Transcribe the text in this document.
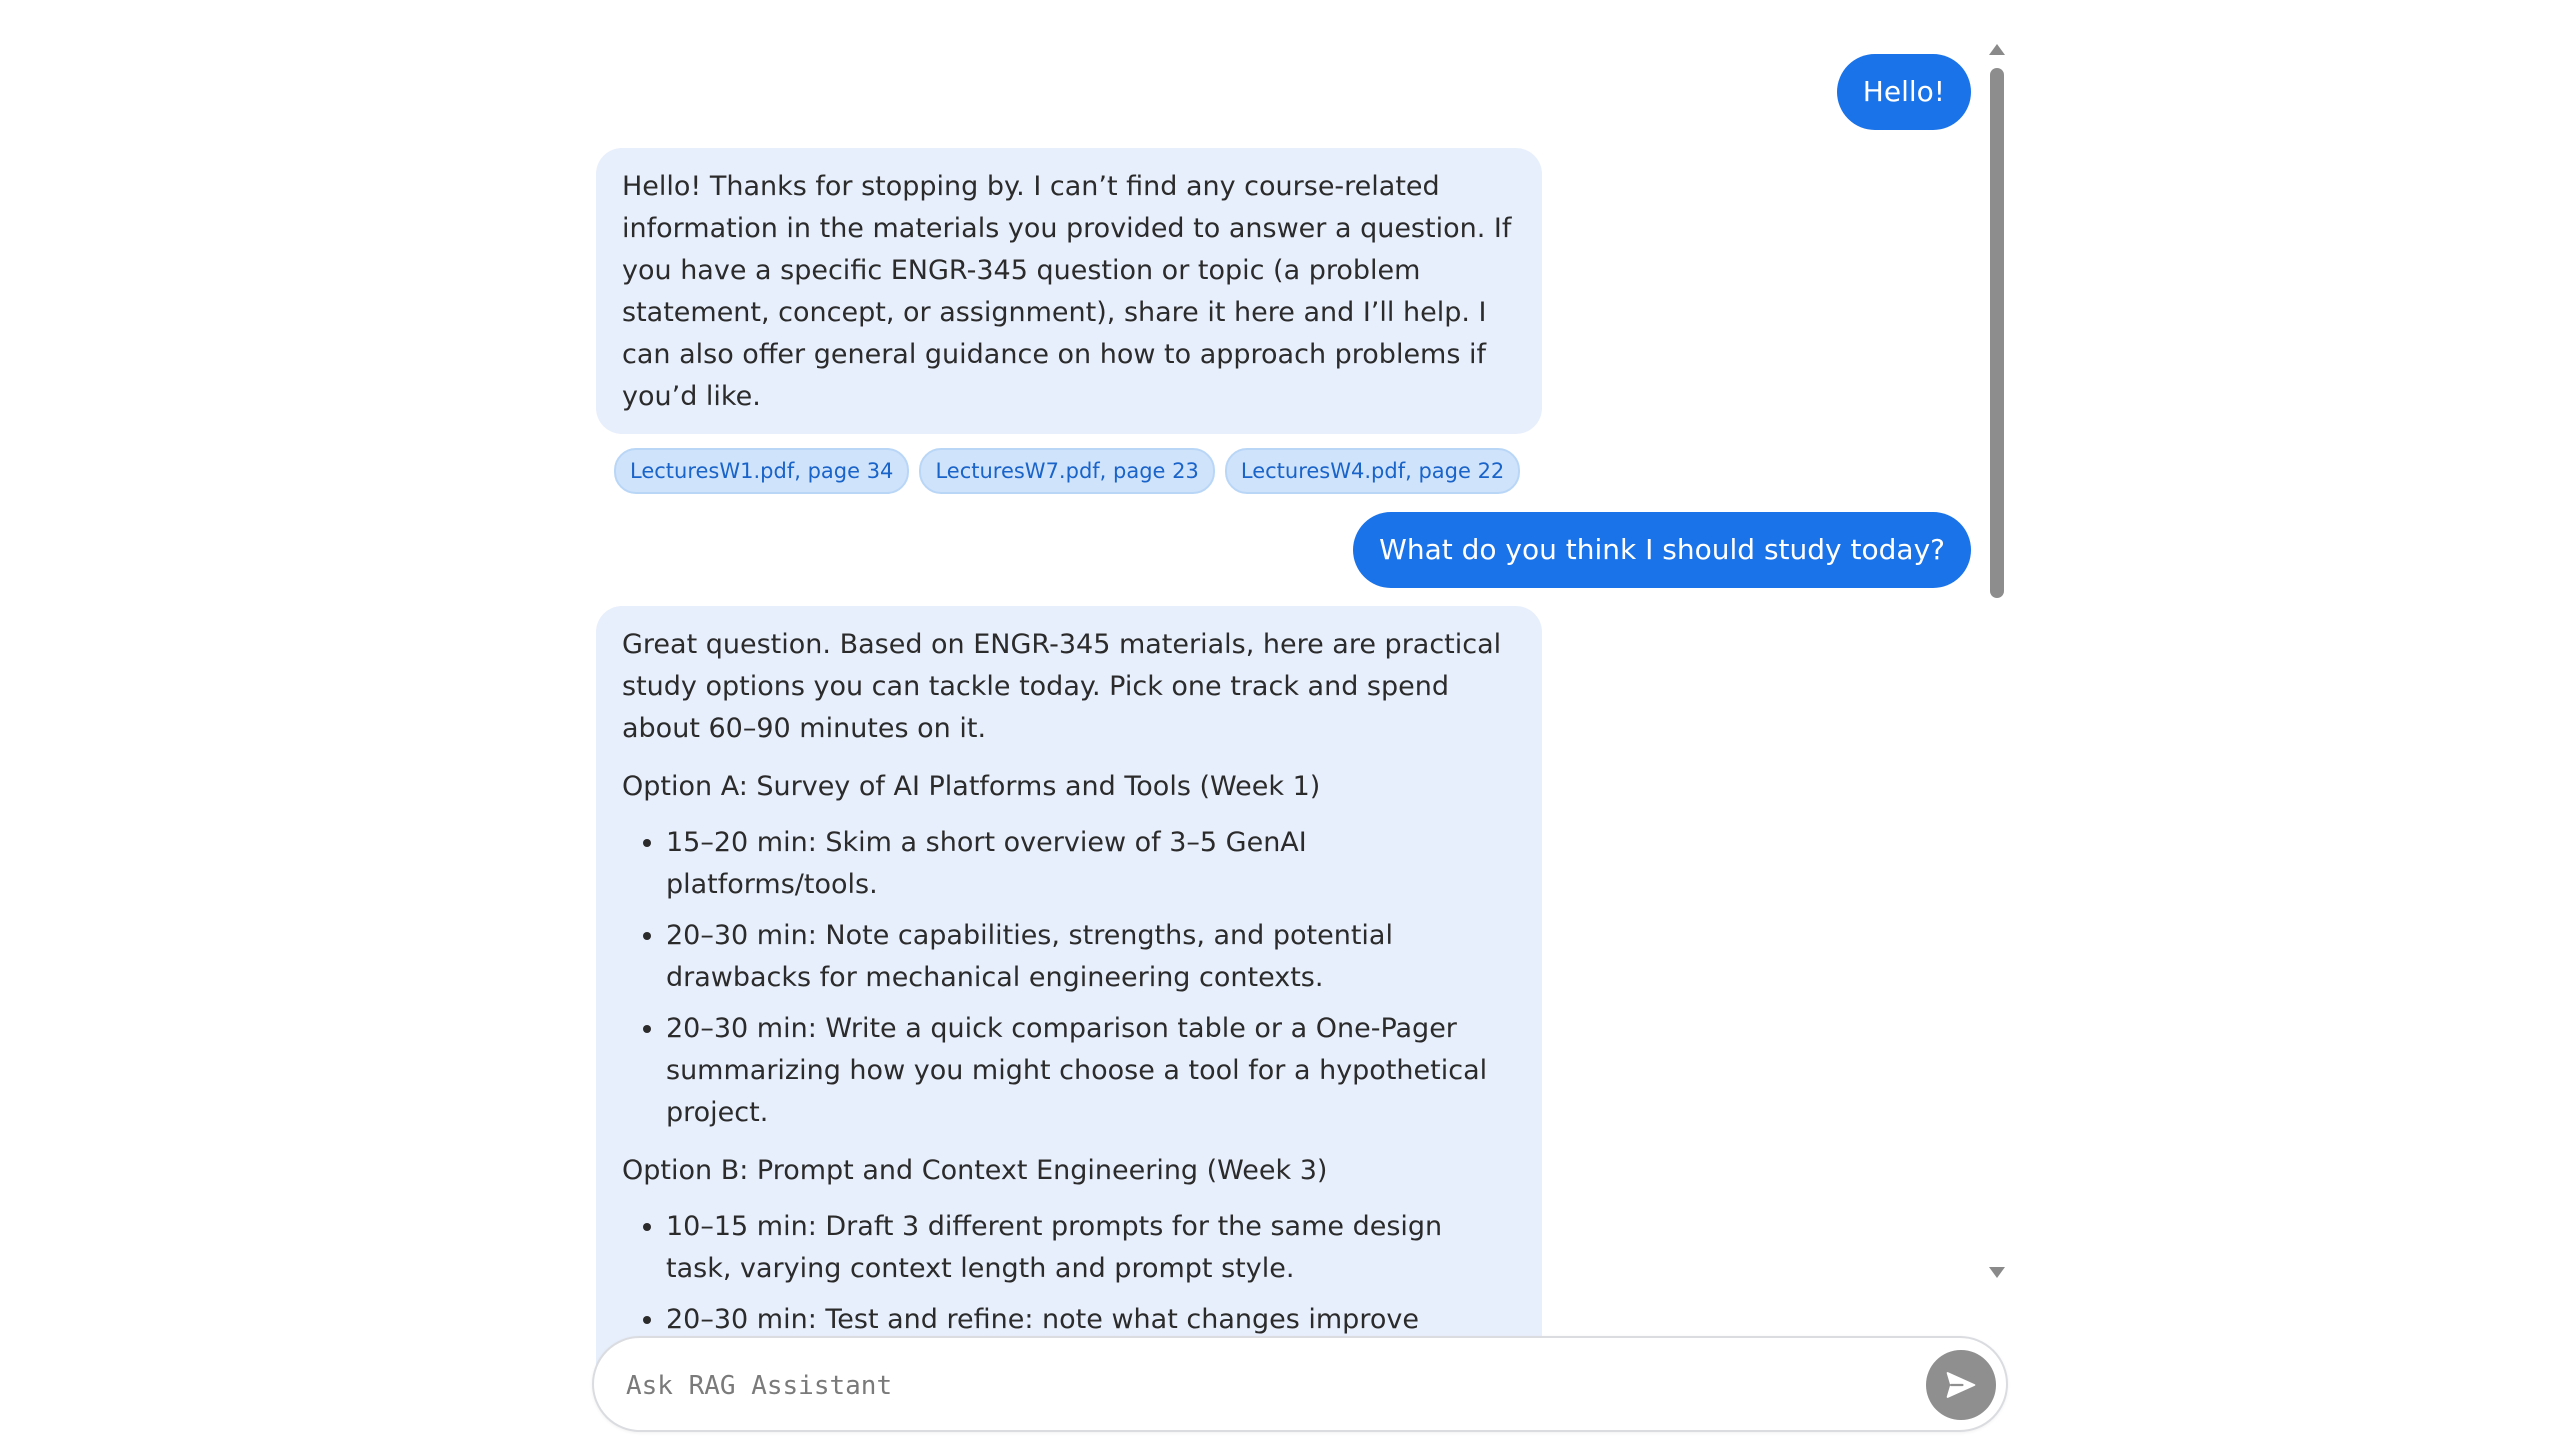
Hello!

Hello! Thanks for stopping by. I can’t find any course-related information in the materials you provided to answer a question. If you have a specific ENGR-345 question or topic (a problem statement, concept, or assignment), share it here and I’ll help. I can also offer general guidance on how to approach problems if you’d like.

LecturesW1.pdf, page 34	LecturesW7.pdf, page 23	LecturesW4.pdf, page 22
What do you think I should study today?

Great question. Based on ENGR-345 materials, here are practical study options you can tackle today. Pick one track and spend about 60–90 minutes on it.

Option A: Survey of AI Platforms and Tools (Week 1)

• 15–20 min: Skim a short overview of 3–5 GenAI platforms/tools.
• 20–30 min: Note capabilities, strengths, and potential drawbacks for mechanical engineering contexts.
• 20–30 min: Write a quick comparison table or a One-Pager summarizing how you might choose a tool for a hypothetical project.

Option B: Prompt and Context Engineering (Week 3)

• 10–15 min: Draft 3 different prompts for the same design task, varying context length and prompt style.
• 20–30 min: Test and refine: note what changes improve
Ask RAG Assistant
